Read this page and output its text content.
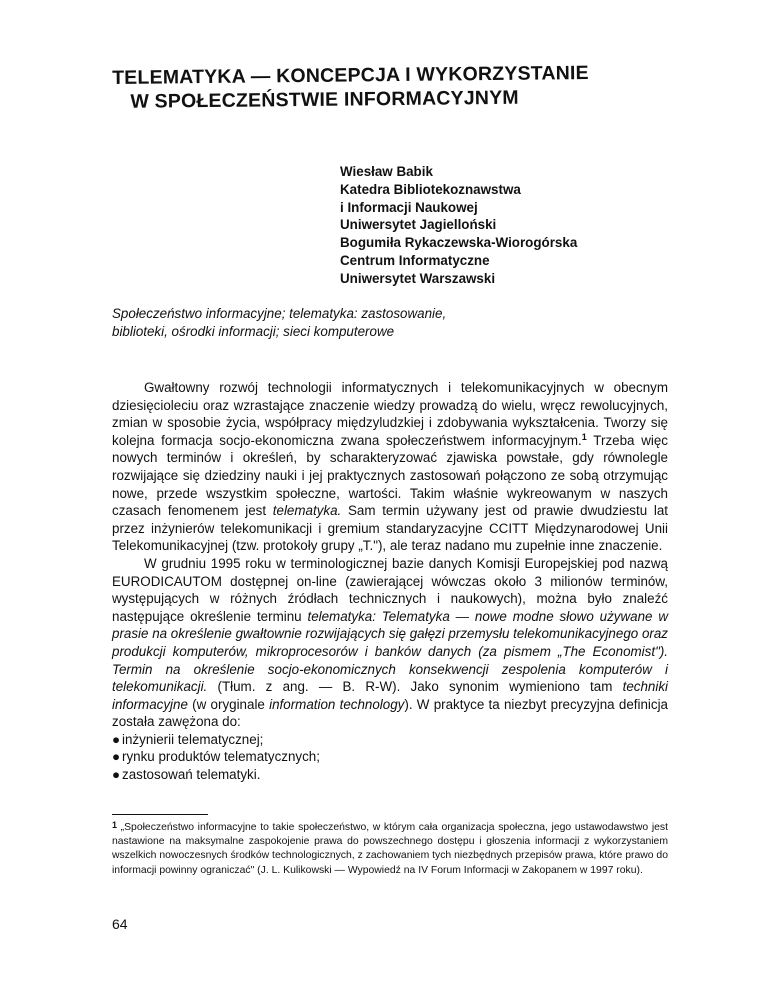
TELEMATYKA — KONCEPCJA I WYKORZYSTANIE
W SPOŁECZEŃSTWIE INFORMACYJNYM
Wiesław Babik
Katedra Bibliotekoznawstwa
i Informacji Naukowej
Uniwersytet Jagielloński
Bogumiła Rykaczewska-Wiorogórska
Centrum Informatyczne
Uniwersytet Warszawski
Społeczeństwo informacyjne; telematyka: zastosowanie, biblioteki, ośrodki informacji; sieci komputerowe

Gwałtowny rozwój technologii informatycznych i telekomunikacyjnych w obecnym dziesięcioleciu oraz wzrastające znaczenie wiedzy prowadzą do wielu, wręcz rewolucyjnych, zmian w sposobie życia, współpracy międzyludzkiej i zdobywania wykształcenia. Tworzy się kolejna formacja socjo-ekonomiczna zwana społeczeństwem informacyjnym.$^1$ Trzeba więc nowych terminów i określeń, by scharakteryzować zjawiska powstałe, gdy równolegle rozwijające się dziedziny nauki i jej praktycznych zastosowań połączono ze sobą otrzymując nowe, przede wszystkim społeczne, wartości. Takim właśnie wykreowanym w naszych czasach fenomenem jest telematyka. Sam termin używany jest od prawie dwudziestu lat przez inżynierów telekomunikacji i gremium standaryzacyjne CCITT Międzynarodowej Unii Telekomunikacyjnej (tzw. protokoły grupy „T."), ale teraz nadano mu zupełnie inne znaczenie.

W grudniu 1995 roku w terminologicznej bazie danych Komisji Europejskiej pod nazwą EURODICAUTOM dostępnej on-line (zawierającej wówczas około 3 milionów terminów, występujących w różnych źródłach technicznych i naukowych), można było znaleźć następujące określenie terminu telematyka: Telematyka — nowe modne słowo używane w prasie na określenie gwałtownie rozwijających się gałęzi przemysłu telekomunikacyjnego oraz produkcji komputerów, mikroprocesorów i banków danych (za pismem „The Economist"). Termin na określenie socjo-ekonomicznych konsekwencji zespolenia komputerów i telekomunikacji. (Tłum. z ang. — B. R-W). Jako synonim wymieniono tam techniki informacyjne (w oryginale information technology). W praktyce ta niezbyt precyzyjna definicja została zawężona do:

● inżynierii telematycznej;
● rynku produktów telematycznych;
● zastosowań telematyki.
1 „Społeczeństwo informacyjne to takie społeczeństwo, w którym cała organizacja społeczna, jego ustawodawstwo jest nastawione na maksymalne zaspokojenie prawa do powszechnego dostępu i głoszenia informacji z wykorzystaniem wszelkich nowoczesnych środków technologicznych, z zachowaniem tych niezbędnych przepisów prawa, które prawo do informacji powinny ograniczać" (J. L. Kulikowski — Wypowiedź na IV Forum Informacji w Zakopanem w 1997 roku).
64
